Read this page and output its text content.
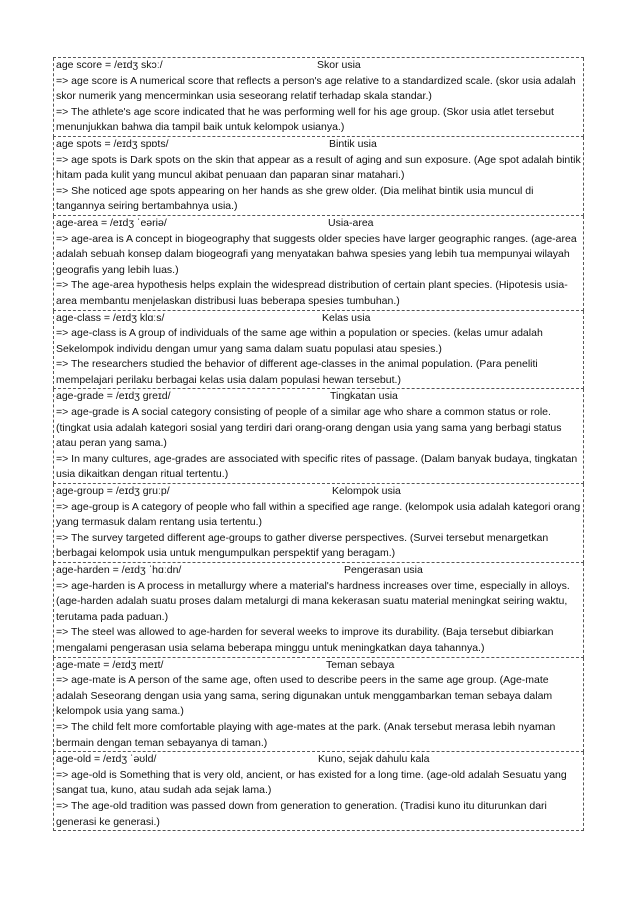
age score = /eɪdʒ skɔː/	Skor usia
=> age score is A numerical score that reflects a person's age relative to a standardized scale. (skor usia adalah skor numerik yang mencerminkan usia seseorang relatif terhadap skala standar.)
=> The athlete's age score indicated that he was performing well for his age group. (Skor usia atlet tersebut menunjukkan bahwa dia tampil baik untuk kelompok usianya.)
age spots = /eɪdʒ spɒts/	Bintik usia
=> age spots is Dark spots on the skin that appear as a result of aging and sun exposure. (Age spot adalah bintik hitam pada kulit yang muncul akibat penuaan dan paparan sinar matahari.)
=> She noticed age spots appearing on her hands as she grew older. (Dia melihat bintik usia muncul di tangannya seiring bertambahnya usia.)
age-area = /eɪdʒ ˈeəriə/	Usia-area
=> age-area is A concept in biogeography that suggests older species have larger geographic ranges. (age-area adalah sebuah konsep dalam biogeografi yang menyatakan bahwa spesies yang lebih tua mempunyai wilayah geografis yang lebih luas.)
=> The age-area hypothesis helps explain the widespread distribution of certain plant species. (Hipotesis usia-area membantu menjelaskan distribusi luas beberapa spesies tumbuhan.)
age-class = /eɪdʒ klɑːs/	Kelas usia
=> age-class is A group of individuals of the same age within a population or species. (kelas umur adalah Sekelompok individu dengan umur yang sama dalam suatu populasi atau spesies.)
=> The researchers studied the behavior of different age-classes in the animal population. (Para peneliti mempelajari perilaku berbagai kelas usia dalam populasi hewan tersebut.)
age-grade = /eɪdʒ ɡreɪd/	Tingkatan usia
=> age-grade is A social category consisting of people of a similar age who share a common status or role. (tingkat usia adalah kategori sosial yang terdiri dari orang-orang dengan usia yang sama yang berbagi status atau peran yang sama.)
=> In many cultures, age-grades are associated with specific rites of passage. (Dalam banyak budaya, tingkatan usia dikaitkan dengan ritual tertentu.)
age-group = /eɪdʒ ɡruːp/	Kelompok usia
=> age-group is A category of people who fall within a specified age range. (kelompok usia adalah kategori orang yang termasuk dalam rentang usia tertentu.)
=> The survey targeted different age-groups to gather diverse perspectives. (Survei tersebut menargetkan berbagai kelompok usia untuk mengumpulkan perspektif yang beragam.)
age-harden = /eɪdʒ ˈhɑːdn/	Pengerasan usia
=> age-harden is A process in metallurgy where a material's hardness increases over time, especially in alloys. (age-harden adalah suatu proses dalam metalurgi di mana kekerasan suatu material meningkat seiring waktu, terutama pada paduan.)
=> The steel was allowed to age-harden for several weeks to improve its durability. (Baja tersebut dibiarkan mengalami pengerasan usia selama beberapa minggu untuk meningkatkan daya tahannya.)
age-mate = /eɪdʒ meɪt/	Teman sebaya
=> age-mate is A person of the same age, often used to describe peers in the same age group. (Age-mate adalah Seseorang dengan usia yang sama, sering digunakan untuk menggambarkan teman sebaya dalam kelompok usia yang sama.)
=> The child felt more comfortable playing with age-mates at the park. (Anak tersebut merasa lebih nyaman bermain dengan teman sebayanya di taman.)
age-old = /eɪdʒ ˈəʊld/	Kuno, sejak dahulu kala
=> age-old is Something that is very old, ancient, or has existed for a long time. (age-old adalah Sesuatu yang sangat tua, kuno, atau sudah ada sejak lama.)
=> The age-old tradition was passed down from generation to generation. (Tradisi kuno itu diturunkan dari generasi ke generasi.)
